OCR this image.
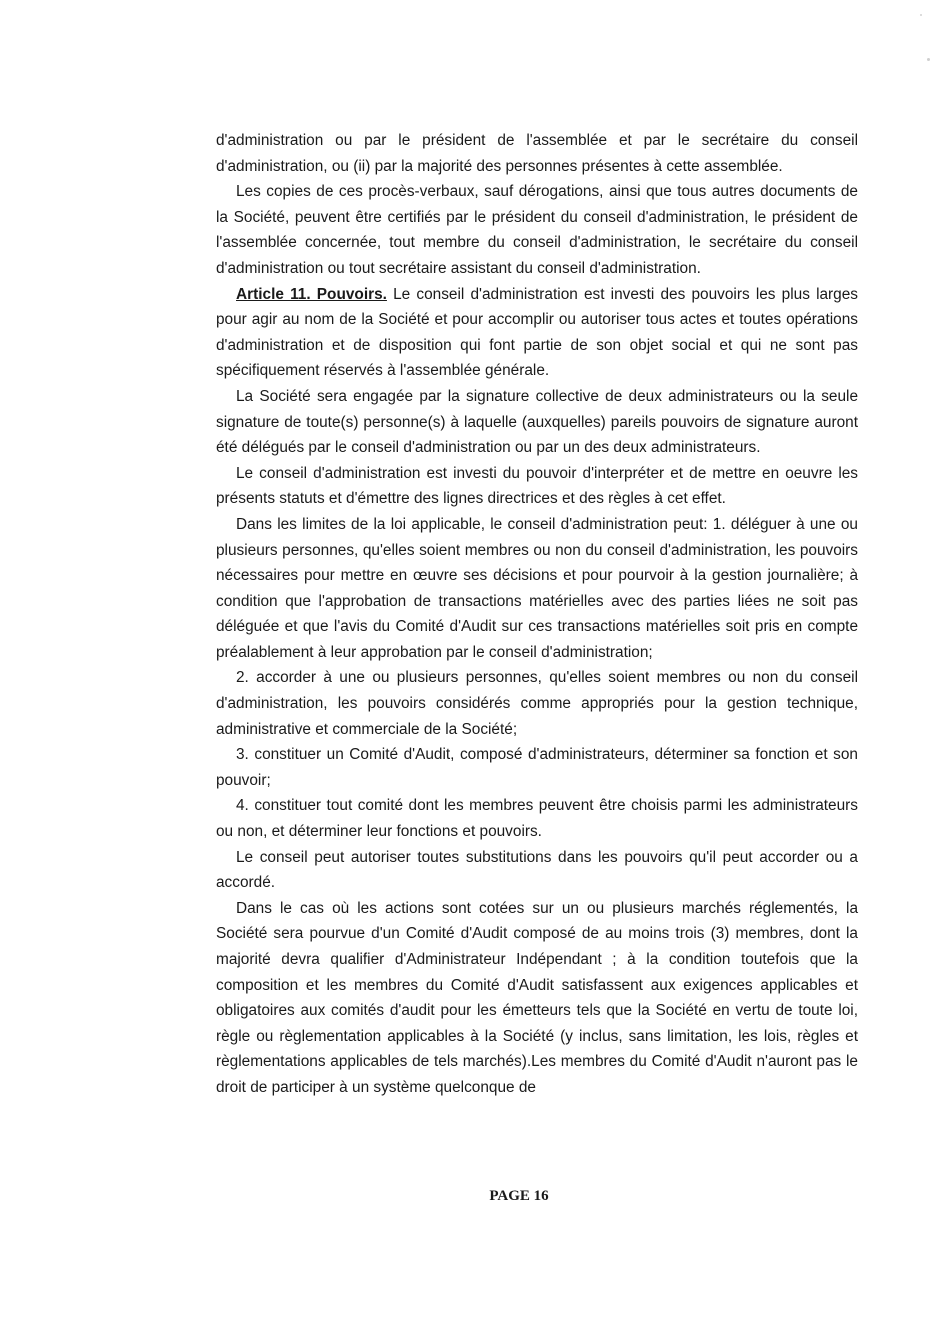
d'administration ou par le président de l'assemblée et par le secrétaire du conseil d'administration, ou (ii) par la majorité des personnes présentes à cette assemblée.

Les copies de ces procès-verbaux, sauf dérogations, ainsi que tous autres documents de la Société, peuvent être certifiés par le président du conseil d'administration, le président de l'assemblée concernée, tout membre du conseil d'administration, le secrétaire du conseil d'administration ou tout secrétaire assistant du conseil d'administration.

Article 11. Pouvoirs. Le conseil d'administration est investi des pouvoirs les plus larges pour agir au nom de la Société et pour accomplir ou autoriser tous actes et toutes opérations d'administration et de disposition qui font partie de son objet social et qui ne sont pas spécifiquement réservés à l'assemblée générale.

La Société sera engagée par la signature collective de deux administrateurs ou la seule signature de toute(s) personne(s) à laquelle (auxquelles) pareils pouvoirs de signature auront été délégués par le conseil d'administration ou par un des deux administrateurs.

Le conseil d'administration est investi du pouvoir d'interpréter et de mettre en oeuvre les présents statuts et d'émettre des lignes directrices et des règles à cet effet.

Dans les limites de la loi applicable, le conseil d'administration peut: 1. déléguer à une ou plusieurs personnes, qu'elles soient membres ou non du conseil d'administration, les pouvoirs nécessaires pour mettre en œuvre ses décisions et pour pourvoir à la gestion journalière; à condition que l'approbation de transactions matérielles avec des parties liées ne soit pas déléguée et que l'avis du Comité d'Audit sur ces transactions matérielles soit pris en compte préalablement à leur approbation par le conseil d'administration;

2. accorder à une ou plusieurs personnes, qu'elles soient membres ou non du conseil d'administration, les pouvoirs considérés comme appropriés pour la gestion technique, administrative et commerciale de la Société;

3. constituer un Comité d'Audit, composé d'administrateurs, déterminer sa fonction et son pouvoir;

4. constituer tout comité dont les membres peuvent être choisis parmi les administrateurs ou non, et déterminer leur fonctions et pouvoirs.

Le conseil peut autoriser toutes substitutions dans les pouvoirs qu'il peut accorder ou a accordé.

Dans le cas où les actions sont cotées sur un ou plusieurs marchés réglementés, la Société sera pourvue d'un Comité d'Audit composé de au moins trois (3) membres, dont la majorité devra qualifier d'Administrateur Indépendant ; à la condition toutefois que la composition et les membres du Comité d'Audit satisfassent aux exigences applicables et obligatoires aux comités d'audit pour les émetteurs tels que la Société en vertu de toute loi, règle ou règlementation applicables à la Société (y inclus, sans limitation, les lois, règles et règlementations applicables de tels marchés).Les membres du Comité d'Audit n'auront pas le droit de participer à un système quelconque de

PAGE 16
